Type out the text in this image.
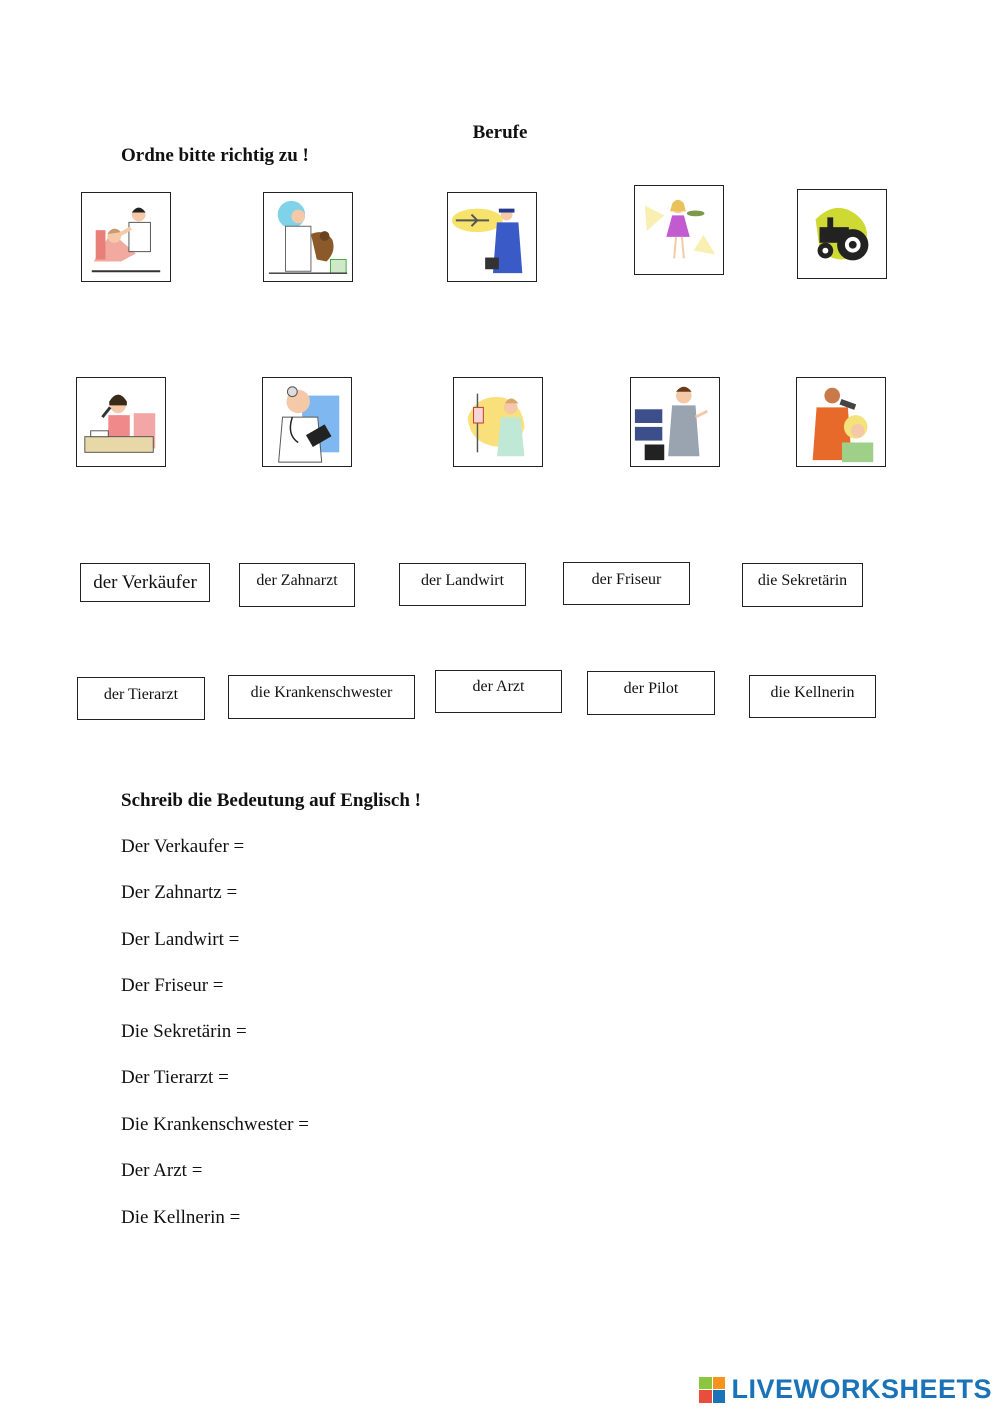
Berufe
Ordne bitte richtig zu !
der Verkäufer	der Zahnarzt	der Landwirt	der Friseur	die Sekretärin
der Tierarzt	die Krankenschwester	der Arzt	der Pilot	die Kellnerin
Schreib die Bedeutung auf Englisch !
Der Verkaufer =
Der Zahnartz =
Der Landwirt =
Der Friseur =
Die Sekretärin =
Der Tierarzt =
Die Krankenschwester =
Der Arzt =
Die Kellnerin =
LIVEWORKSHEETS
